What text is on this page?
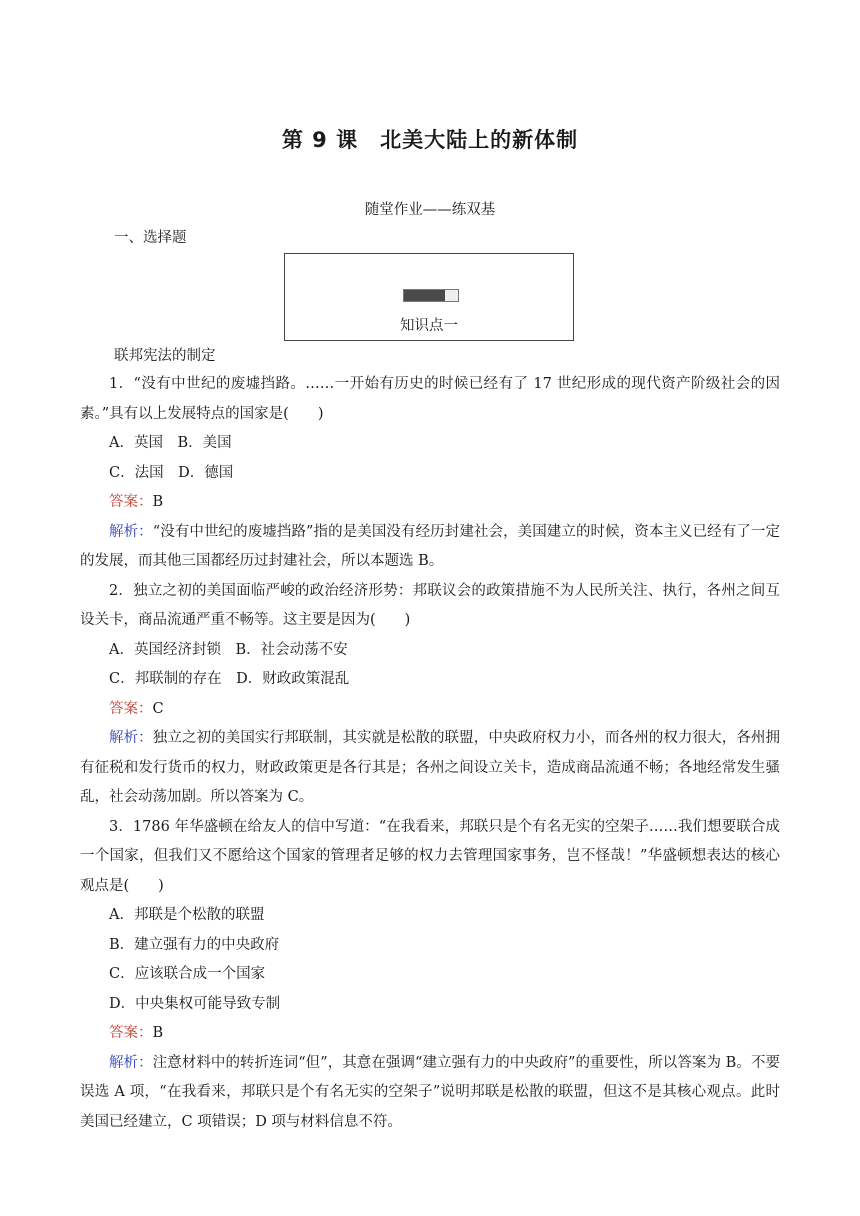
第 9 课　北美大陆上的新体制
随堂作业——练双基
一、选择题
知识点一
联邦宪法的制定

1．“没有中世纪的废墟挡路。……一开始有历史的时候已经有了 17 世纪形成的现代资产阶级社会的因素。”具有以上发展特点的国家是(　　)

A．英国　B．美国

C．法国　D．德国

答案：B

解析：“没有中世纪的废墟挡路”指的是美国没有经历封建社会，美国建立的时候，资本主义已经有了一定的发展，而其他三国都经历过封建社会，所以本题选 B。

2．独立之初的美国面临严峻的政治经济形势：邦联议会的政策措施不为人民所关注、执行，各州之间互设关卡，商品流通严重不畅等。这主要是因为(　　)

A．英国经济封锁　B．社会动荡不安

C．邦联制的存在　D．财政政策混乱

答案：C

解析：独立之初的美国实行邦联制，其实就是松散的联盟，中央政府权力小，而各州的权力很大，各州拥有征税和发行货币的权力，财政政策更是各行其是；各州之间设立关卡，造成商品流通不畅；各地经常发生骚乱，社会动荡加剧。所以答案为 C。

3．1786 年华盛顿在给友人的信中写道：“在我看来，邦联只是个有名无实的空架子……我们想要联合成一个国家，但我们又不愿给这个国家的管理者足够的权力去管理国家事务，岂不怪哉！”华盛顿想表达的核心观点是(　　)

A．邦联是个松散的联盟

B．建立强有力的中央政府

C．应该联合成一个国家

D．中央集权可能导致专制

答案：B

解析：注意材料中的转折连词“但”，其意在强调“建立强有力的中央政府”的重要性，所以答案为 B。不要误选 A 项，“在我看来，邦联只是个有名无实的空架子”说明邦联是松散的联盟，但这不是其核心观点。此时美国已经建立，C 项错误；D 项与材料信息不符。
